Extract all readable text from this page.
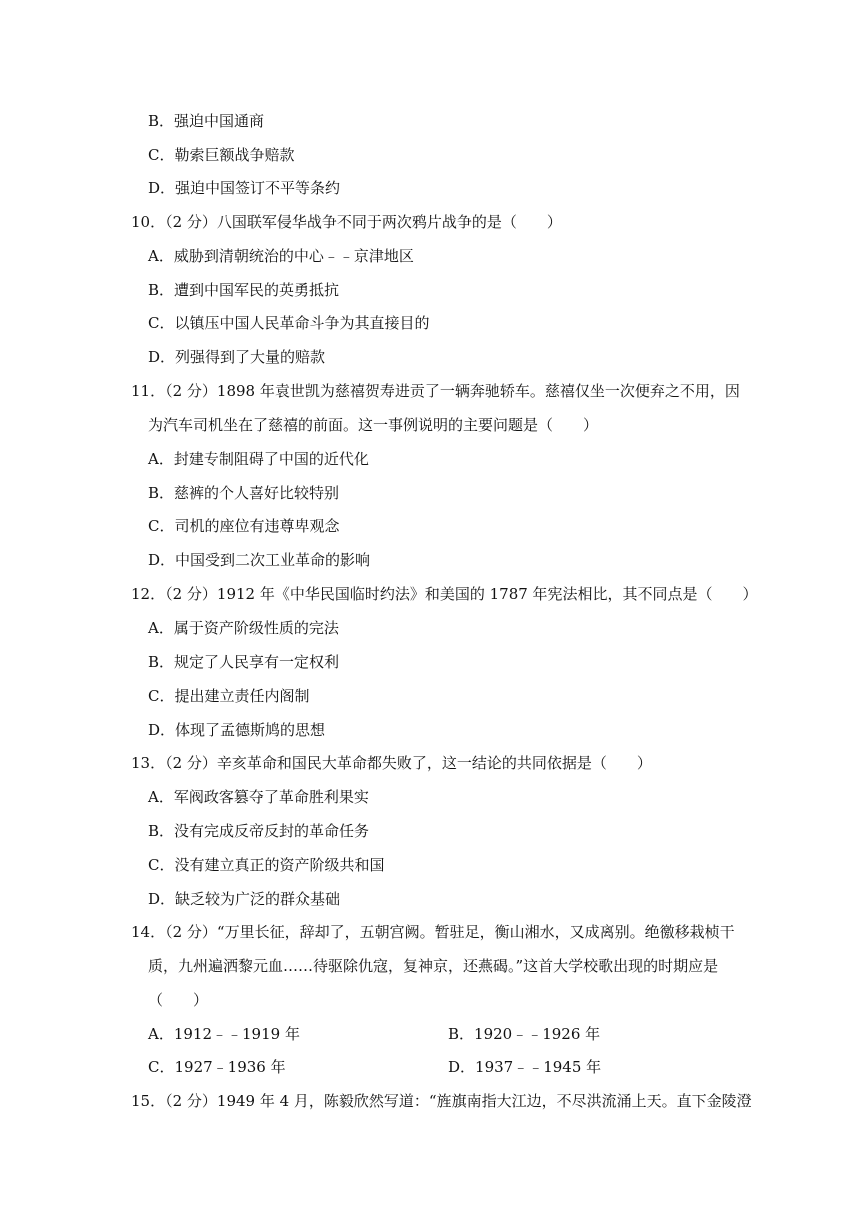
B．强迫中国通商
C．勒索巨额战争赔款
D．强迫中国签订不平等条约
10．（2 分）八国联军侵华战争不同于两次鸦片战争的是（　　）
A．威胁到清朝统治的中心﹣﹣京津地区
B．遭到中国军民的英勇抵抗
C．以镇压中国人民革命斗争为其直接目的
D．列强得到了大量的赔款
11．（2 分）1898 年袁世凯为慈禧贺寿进贡了一辆奔驰轿车。慈禧仅坐一次便弃之不用，因
为汽车司机坐在了慈禧的前面。这一事例说明的主要问题是（　　）
A．封建专制阻碍了中国的近代化
B．慈裤的个人喜好比较特别
C．司机的座位有违尊卑观念
D．中国受到二次工业革命的影响
12．（2 分）1912 年《中华民国临时约法》和美国的 1787 年宪法相比，其不同点是（　　）
A．属于资产阶级性质的完法
B．规定了人民享有一定权利
C．提出建立责任内阁制
D．体现了孟德斯鸠的思想
13．（2 分）辛亥革命和国民大革命都失败了，这一结论的共同依据是（　　）
A．军阀政客篡夺了革命胜利果实
B．没有完成反帝反封的革命任务
C．没有建立真正的资产阶级共和国
D．缺乏较为广泛的群众基础
14．（2 分）“万里长征，辞却了，五朝宫阙。暂驻足，衡山湘水，又成离别。绝徼移栽桢干
质，九州遍洒黎元血……待驱除仇寇，复神京，还燕碣。”这首大学校歌出现的时期应是
（　　）
A．1912﹣﹣1919 年	B．1920﹣﹣1926 年
C．1927﹣1936 年	D．1937﹣﹣1945 年
15．（2 分）1949 年 4 月，陈毅欣然写道：“旌旗南指大江边，不尽洪流涌上天。直下金陵澄
